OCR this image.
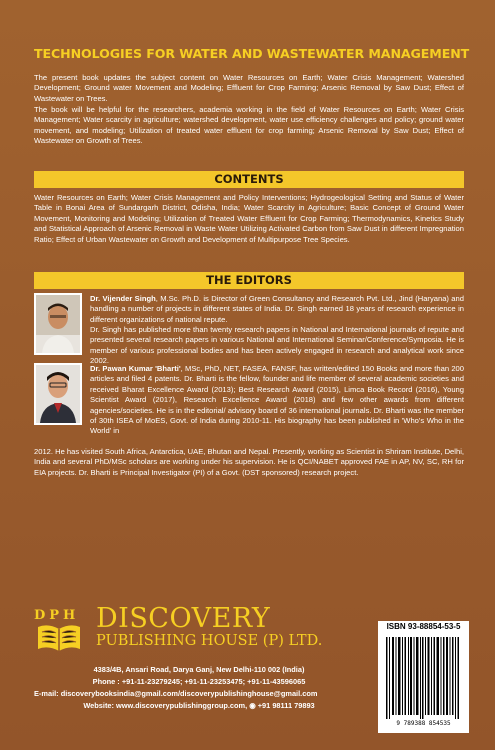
TECHNOLOGIES FOR WATER AND WASTEWATER MANAGEMENT

The present book updates the subject content on Water Resources on Earth; Water Crisis Management; Watershed Development; Ground water Movement and Modeling; Effluent for Crop Farming; Arsenic Removal by Saw Dust; Effect of Wastewater on Trees.

The book will be helpful for the researchers, academia working in the field of Water Resources on Earth; Water Crisis Management; Water scarcity in agriculture; watershed development, water use efficiency challenges and policy; ground water movement, and modeling; Utilization of treated water effluent for crop farming; Arsenic Removal by Saw Dust; Effect of Wastewater on Growth of Trees.

CONTENTS

Water Resources on Earth; Water Crisis Management and Policy Interventions; Hydrogeological Setting and Status of Water Table in Bonai Area of Sundargarh District, Odisha, India; Water Scarcity in Agriculture; Basic Concept of Ground Water Movement, Monitoring and Modeling; Utilization of Treated Water Effluent for Crop Farming; Thermodynamics, Kinetics Study and Statistical Approach of Arsenic Removal in Waste Water Utilizing Activated Carbon from Saw Dust in different Impregnation Ratio; Effect of Urban Wastewater on Growth and Development of Multipurpose Tree Species.

THE EDITORS

Dr. Vijender Singh, M.Sc. Ph.D. is Director of Green Consultancy and Research Pvt. Ltd., Jind (Haryana) and handling a number of projects in different states of India. Dr. Singh earned 18 years of research experience in different organizations of national repute.

Dr. Singh has published more than twenty research papers in National and International journals of repute and presented several research papers in various National and International Seminar/Conference/Symposia. He is member of various professional bodies and has been actively engaged in research and analytical work since 2002.

Dr. Pawan Kumar 'Bharti', MSc, PhD, NET, FASEA, FANSF, has written/edited 150 Books and more than 200 articles and filed 4 patents. Dr. Bharti is the fellow, founder and life member of several academic societies and received Bharat Excellence Award (2013); Best Research Award (2015), Limca Book Record (2016), Young Scientist Award (2017), Research Excellence Award (2018) and few other awards from different agencies/societies. He is in the editorial/ advisory board of 36 international journals. Dr. Bharti was the member of 30th ISEA of MoES, Govt. of India during 2010-11. His biography has been published in 'Who's Who in the World' in

2012. He has visited South Africa, Antarctica, UAE, Bhutan and Nepal. Presently, working as Scientist in Shriram Institute, Delhi, India and several PhD/MSc scholars are working under his supervision. He is QCI/NABET approved FAE in AP, NV, SC, RH for EIA projects. Dr. Bharti is Principal Investigator (PI) of a Govt. (DST sponsored) research project.

DPH DISCOVERY
PUBLISHING HOUSE (P) LTD.
4383/4B, Ansari Road, Darya Ganj, New Delhi-110 002 (India)
Phone : +91-11-23279245; +91-11-23253475; +91-11-43596065
E-mail: discoverybooksindia@gmail.com/discoverypublishinghouse@gmail.com
Website: www.discoverypublishinggroup.com, ◉ +91 98111 79893
ISBN 93-88854-53-5
9 789388 854535
